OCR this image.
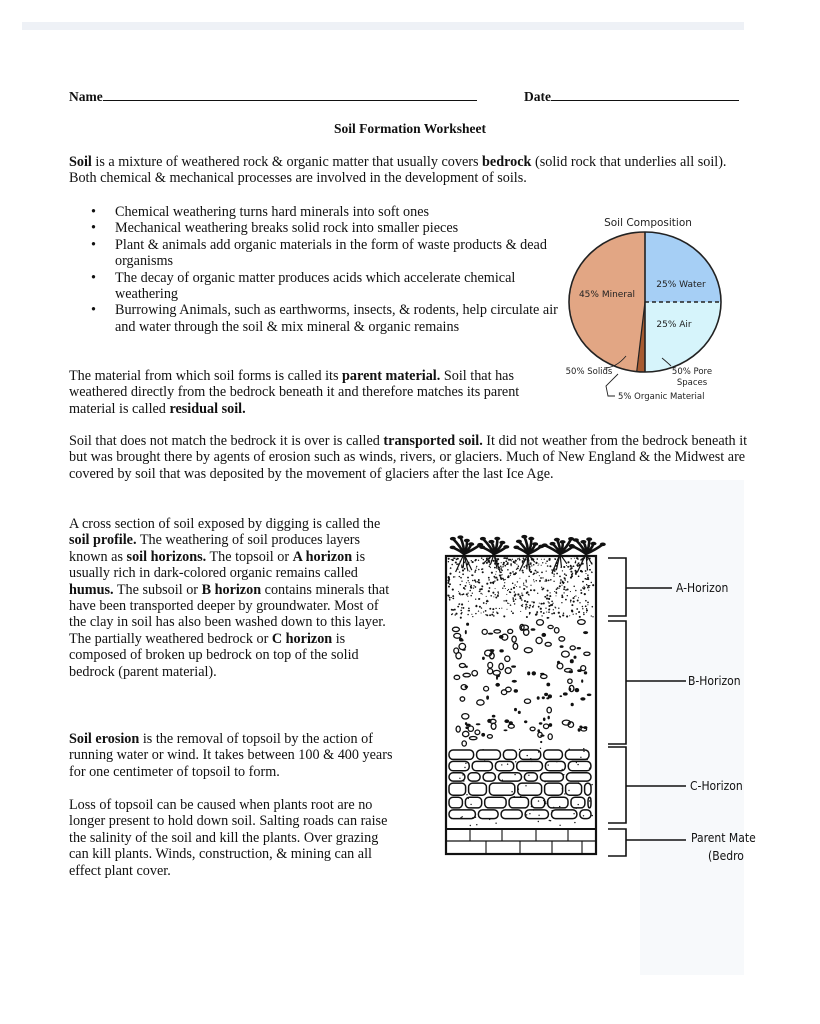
Name	Date
Soil Formation Worksheet
Soil is a mixture of weathered rock & organic matter that usually covers bedrock (solid rock that underlies all soil). Both chemical & mechanical processes are involved in the development of soils.
• Chemical weathering turns hard minerals into soft ones
• Mechanical weathering breaks solid rock into smaller pieces
• Plant & animals add organic materials in the form of waste products & dead organisms
• The decay of organic matter produces acids which accelerate chemical weathering
• Burrowing Animals, such as earthworms, insects, & rodents, help circulate air and water through the soil & mix mineral & organic remains
Soil Composition
45% Mineral
25% Water
25% Air
50% Solids	50% Pore
Spaces
5% Organic Material
The material from which soil forms is called its parent material. Soil that has weathered directly from the bedrock beneath it and therefore matches its parent material is called residual soil.
Soil that does not match the bedrock it is over is called transported soil. It did not weather from the bedrock beneath it but was brought there by agents of erosion such as winds, rivers, or glaciers. Much of New England & the Midwest are covered by soil that was deposited by the movement of glaciers after the last Ice Age.
A cross section of soil exposed by digging is called the soil profile. The weathering of soil produces layers known as soil horizons. The topsoil or A horizon is usually rich in dark-colored organic remains called humus. The subsoil or B horizon contains minerals that have been transported deeper by groundwater. Most of the clay in soil has also been washed down to this layer. The partially weathered bedrock or C horizon is composed of broken up bedrock on top of the solid bedrock (parent material).
A-Horizon
B-Horizon
C-Horizon
Parent Mate
(Bedro
Soil erosion is the removal of topsoil by the action of running water or wind. It takes between 100 & 400 years for one centimeter of topsoil to form.
Loss of topsoil can be caused when plants root are no longer present to hold down soil. Salting roads can raise the salinity of the soil and kill the plants. Over grazing can kill plants. Winds, construction, & mining can all effect plant cover.
